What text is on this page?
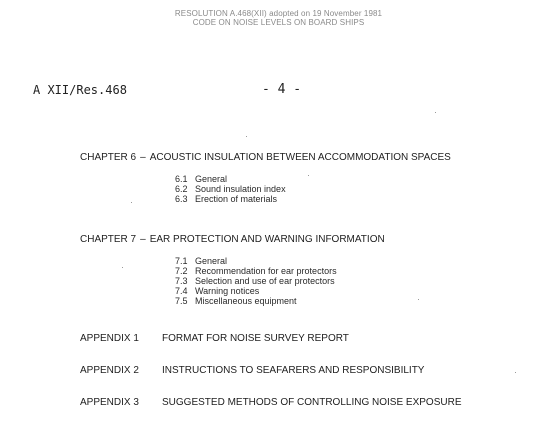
RESOLUTION A.468(XII) adopted on 19 November 1981
CODE ON NOISE LEVELS ON BOARD SHIPS
A XII/Res.468	- 4 -
CHAPTER 6 – ACOUSTIC INSULATION BETWEEN ACCOMMODATION SPACES
6.1 General
6.2 Sound insulation index
6.3 Erection of materials
CHAPTER 7 – EAR PROTECTION AND WARNING INFORMATION
7.1 General
7.2 Recommendation for ear protectors
7.3 Selection and use of ear protectors
7.4 Warning notices
7.5 Miscellaneous equipment
APPENDIX 1 FORMAT FOR NOISE SURVEY REPORT
APPENDIX 2 INSTRUCTIONS TO SEAFARERS AND RESPONSIBILITY
APPENDIX 3 SUGGESTED METHODS OF CONTROLLING NOISE EXPOSURE
